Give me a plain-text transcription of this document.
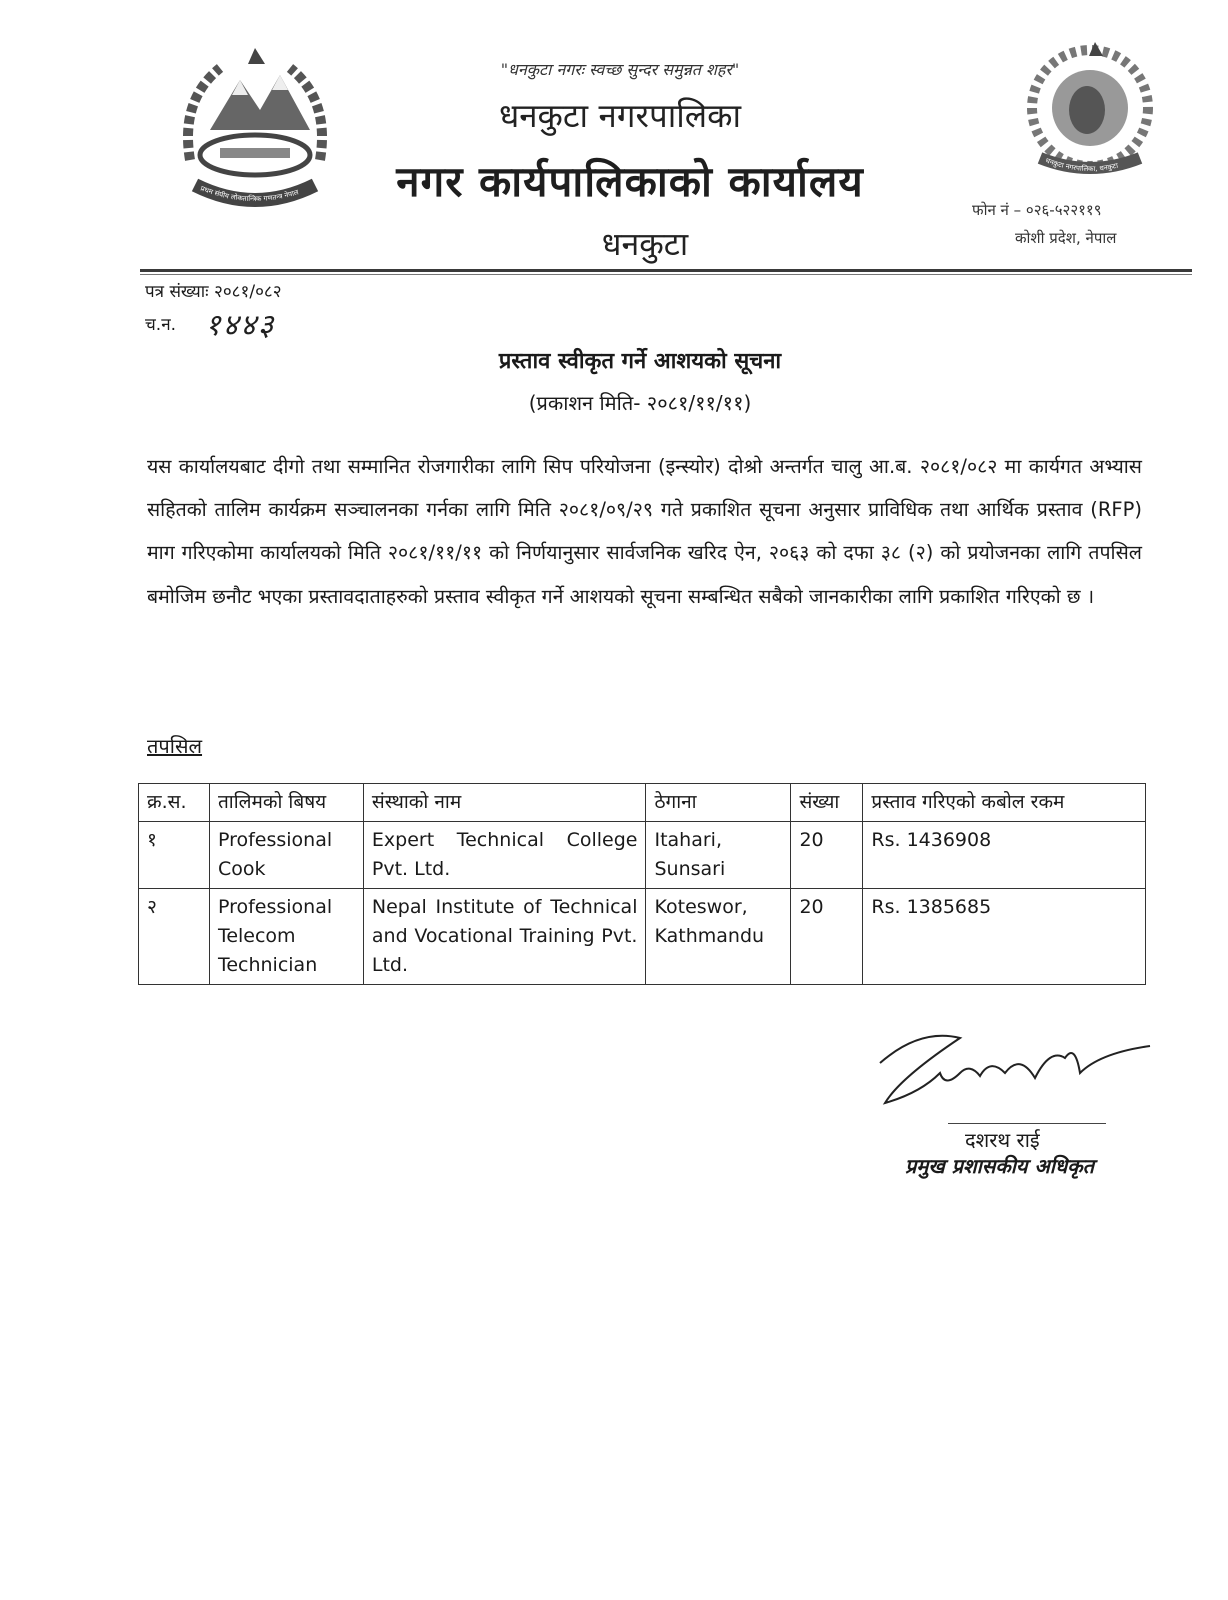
प्रथम संघीय लोकतान्त्रिक गणतन्त्र नेपाल
"धनकुटा नगरः स्वच्छ सुन्दर समुन्नत शहर"
धनकुटा नगरपालिका
नगर कार्यपालिकाको कार्यालय
धनकुटा
धनकुटा नगरपालिका, धनकुटा
फोन नं – ०२६-५२२११९
कोशी प्रदेश, नेपाल
पत्र संख्याः २०८१/०८२
च.न. १४४३
प्रस्ताव स्वीकृत गर्ने आशयको सूचना
(प्रकाशन मिति- २०८१/११/११)
यस कार्यालयबाट दीगो तथा सम्मानित रोजगारीका लागि सिप परियोजना (इन्स्योर) दोश्रो अन्तर्गत चालु आ.ब. २०८१/०८२ मा कार्यगत अभ्यास सहितको तालिम कार्यक्रम सञ्चालनका गर्नका लागि मिति २०८१/०९/२९ गते प्रकाशित सूचना अनुसार प्राविधिक तथा आर्थिक प्रस्ताव (RFP) माग गरिएकोमा कार्यालयको मिति २०८१/११/११ को निर्णयानुसार सार्वजनिक खरिद ऐन, २०६३ को दफा ३८ (२) को प्रयोजनका लागि तपसिल बमोजिम छनौट भएका प्रस्तावदाताहरुको प्रस्ताव स्वीकृत गर्ने आशयको सूचना सम्बन्धित सबैको जानकारीका लागि प्रकाशित गरिएको छ ।
तपसिल
क्र.स.	तालिमको बिषय	संस्थाको नाम	ठेगाना	संख्या	प्रस्ताव गरिएको कबोल रकम
१	Professional Cook	Expert Technical College Pvt. Ltd.	Itahari, Sunsari	20	Rs. 1436908
२	Professional Telecom Technician	Nepal Institute of Technical and Vocational Training Pvt. Ltd.	Koteswor, Kathmandu	20	Rs. 1385685
दशरथ राई
प्रमुख प्रशासकीय अधिकृत
